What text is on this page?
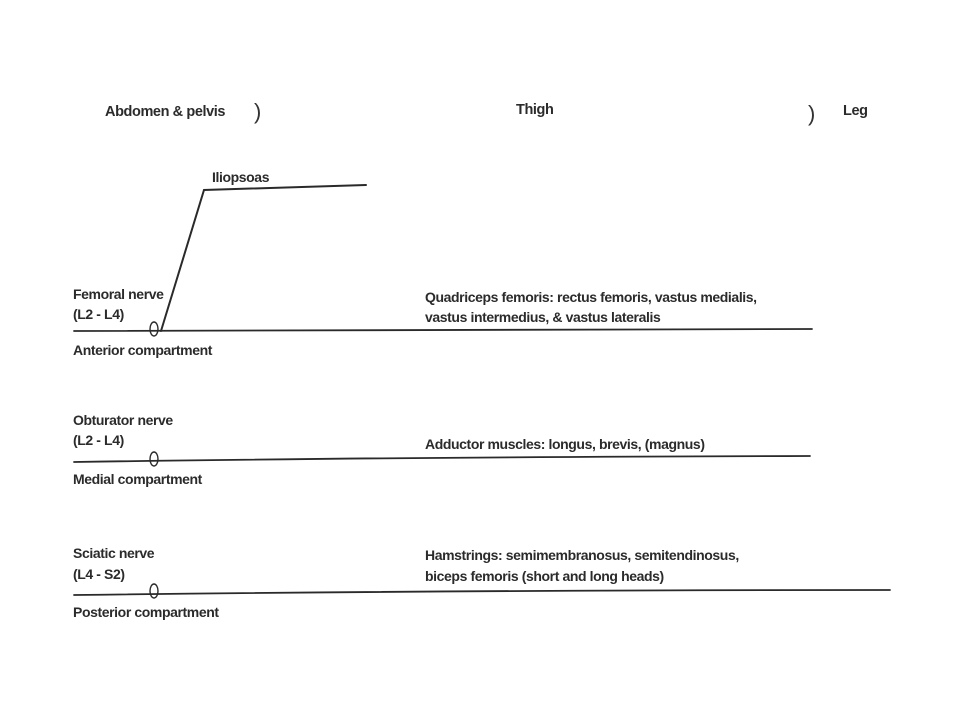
Abdomen & pelvis )	Thigh	) Leg
Iliopsoas
Femoral nerve
(L2 - L4)
Anterior compartment
Quadriceps femoris: rectus femoris, vastus medialis,
vastus intermedius, & vastus lateralis
Obturator nerve
(L2 - L4)
Medial compartment
Adductor muscles: longus, brevis, (magnus)
Sciatic nerve
(L4 - S2)
Posterior compartment
Hamstrings: semimembranosus, semitendinosus,
biceps femoris (short and long heads)
